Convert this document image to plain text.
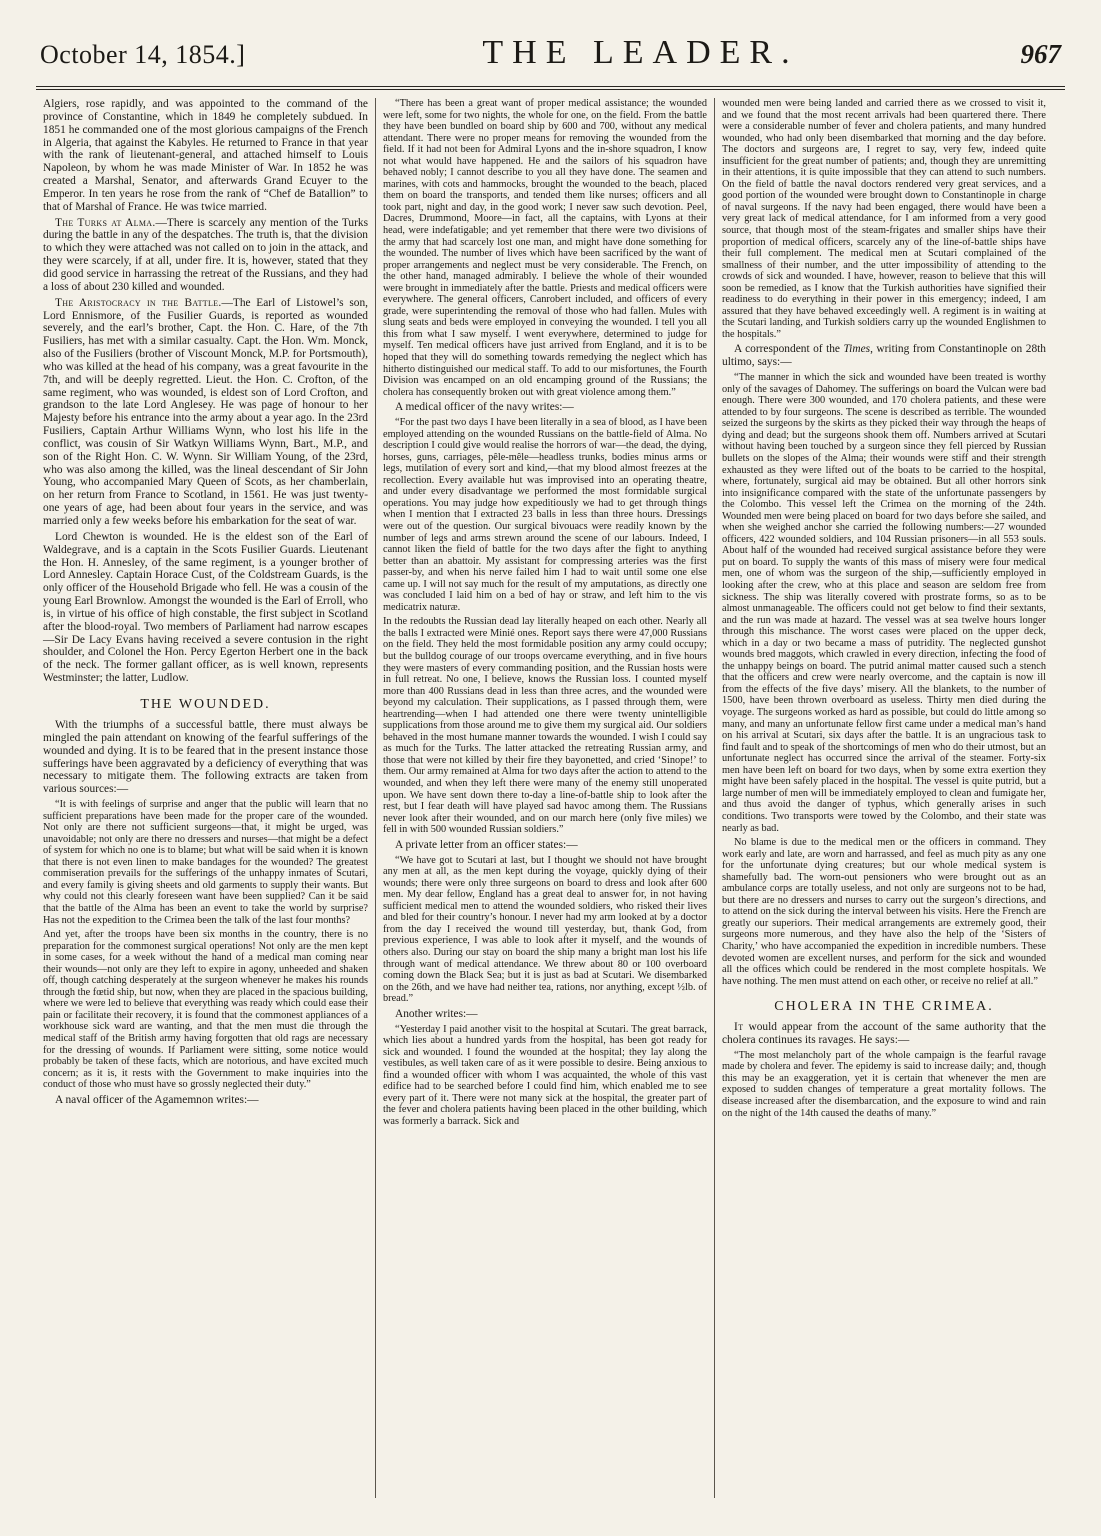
October 14, 1854.]	THE LEADER.	967

Algiers, rose rapidly, and was appointed to the command of the province of Constantine, which in 1849 he completely subdued. In 1851 he commanded one of the most glorious campaigns of the French in Algeria, that against the Kabyles. He returned to France in that year with the rank of lieutenant-general, and attached himself to Louis Napoleon, by whom he was made Minister of War. In 1852 he was created a Marshal, Senator, and afterwards Grand Ecuyer to the Emperor. In ten years he rose from the rank of “Chef de Batallion” to that of Marshal of France. He was twice married.

The Turks at Alma.—There is scarcely any mention of the Turks during the battle in any of the despatches. The truth is, that the division to which they were attached was not called on to join in the attack, and they were scarcely, if at all, under fire. It is, however, stated that they did good service in harrassing the retreat of the Russians, and they had a loss of about 230 killed and wounded.

The Aristocracy in the Battle.—The Earl of Listowel’s son, Lord Ennismore, of the Fusilier Guards, is reported as wounded severely, and the earl’s brother, Capt. the Hon. C. Hare, of the 7th Fusiliers, has met with a similar casualty. Capt. the Hon. Wm. Monck, also of the Fusiliers (brother of Viscount Monck, M.P. for Portsmouth), who was killed at the head of his company, was a great favourite in the 7th, and will be deeply regretted. Lieut. the Hon. C. Crofton, of the same regiment, who was wounded, is eldest son of Lord Crofton, and grandson to the late Lord Anglesey. He was page of honour to her Majesty before his entrance into the army about a year ago. In the 23rd Fusiliers, Captain Arthur Williams Wynn, who lost his life in the conflict, was cousin of Sir Watkyn Williams Wynn, Bart., M.P., and son of the Right Hon. C. W. Wynn. Sir William Young, of the 23rd, who was also among the killed, was the lineal descendant of Sir John Young, who accompanied Mary Queen of Scots, as her chamberlain, on her return from France to Scotland, in 1561. He was just twenty-one years of age, had been about four years in the service, and was married only a few weeks before his embarkation for the seat of war.

Lord Chewton is wounded. He is the eldest son of the Earl of Waldegrave, and is a captain in the Scots Fusilier Guards. Lieutenant the Hon. H. Annesley, of the same regiment, is a younger brother of Lord Annesley. Captain Horace Cust, of the Coldstream Guards, is the only officer of the Household Brigade who fell. He was a cousin of the young Earl Brownlow. Amongst the wounded is the Earl of Erroll, who is, in virtue of his office of high constable, the first subject in Scotland after the blood-royal. Two members of Parliament had narrow escapes—Sir De Lacy Evans having received a severe contusion in the right shoulder, and Colonel the Hon. Percy Egerton Herbert one in the back of the neck. The former gallant officer, as is well known, represents Westminster; the latter, Ludlow.

THE WOUNDED.

With the triumphs of a successful battle, there must always be mingled the pain attendant on knowing of the fearful sufferings of the wounded and dying. It is to be feared that in the present instance those sufferings have been aggravated by a deficiency of everything that was necessary to mitigate them. The following extracts are taken from various sources:—

“It is with feelings of surprise and anger that the public will learn that no sufficient preparations have been made for the proper care of the wounded. Not only are there not sufficient surgeons—that, it might be urged, was unavoidable; not only are there no dressers and nurses—that might be a defect of system for which no one is to blame; but what will be said when it is known that there is not even linen to make bandages for the wounded? The greatest commiseration prevails for the sufferings of the unhappy inmates of Scutari, and every family is giving sheets and old garments to supply their wants. But why could not this clearly foreseen want have been supplied? Can it be said that the battle of the Alma has been an event to take the world by surprise? Has not the expedition to the Crimea been the talk of the last four months?

And yet, after the troops have been six months in the country, there is no preparation for the commonest surgical operations! Not only are the men kept in some cases, for a week without the hand of a medical man coming near their wounds—not only are they left to expire in agony, unheeded and shaken off, though catching desperately at the surgeon whenever he makes his rounds through the fœtid ship, but now, when they are placed in the spacious building, where we were led to believe that everything was ready which could ease their pain or facilitate their recovery, it is found that the commonest appliances of a workhouse sick ward are wanting, and that the men must die through the medical staff of the British army having forgotten that old rags are necessary for the dressing of wounds. If Parliament were sitting, some notice would probably be taken of these facts, which are notorious, and have excited much concern; as it is, it rests with the Government to make inquiries into the conduct of those who must have so grossly neglected their duty.”

A naval officer of the Agamemnon writes:—

“There has been a great want of proper medical assistance; the wounded were left, some for two nights, the whole for one, on the field. From the battle they have been bundled on board ship by 600 and 700, without any medical attendant. There were no proper means for removing the wounded from the field. If it had not been for Admiral Lyons and the in-shore squadron, I know not what would have happened. He and the sailors of his squadron have behaved nobly; I cannot describe to you all they have done. The seamen and marines, with cots and hammocks, brought the wounded to the beach, placed them on board the transports, and tended them like nurses; officers and all took part, night and day, in the good work; I never saw such devotion. Peel, Dacres, Drummond, Moore—in fact, all the captains, with Lyons at their head, were indefatigable; and yet remember that there were two divisions of the army that had scarcely lost one man, and might have done something for the wounded. The number of lives which have been sacrificed by the want of proper arrangements and neglect must be very considerable. The French, on the other hand, managed admirably. I believe the whole of their wounded were brought in immediately after the battle. Priests and medical officers were everywhere. The general officers, Canrobert included, and officers of every grade, were superintending the removal of those who had fallen. Mules with slung seats and beds were employed in conveying the wounded. I tell you all this from what I saw myself. I went everywhere, determined to judge for myself. Ten medical officers have just arrived from England, and it is to be hoped that they will do something towards remedying the neglect which has hitherto distinguished our medical staff. To add to our misfortunes, the Fourth Division was encamped on an old encamping ground of the Russians; the cholera has consequently broken out with great violence among them.”

A medical officer of the navy writes:—

“For the past two days I have been literally in a sea of blood, as I have been employed attending on the wounded Russians on the battle-field of Alma. No description I could give would realise the horrors of war—the dead, the dying, horses, guns, carriages, pêle-mêle—headless trunks, bodies minus arms or legs, mutilation of every sort and kind,—that my blood almost freezes at the recollection. Every available hut was improvised into an operating theatre, and under every disadvantage we performed the most formidable surgical operations. You may judge how expeditiously we had to get through things when I mention that I extracted 23 balls in less than three hours. Dressings were out of the question. Our surgical bivouacs were readily known by the number of legs and arms strewn around the scene of our labours. Indeed, I cannot liken the field of battle for the two days after the fight to anything better than an abattoir. My assistant for compressing arteries was the first passer-by, and when his nerve failed him I had to wait until some one else came up. I will not say much for the result of my amputations, as directly one was concluded I laid him on a bed of hay or straw, and left him to the vis medicatrix naturæ.

In the redoubts the Russian dead lay literally heaped on each other. Nearly all the balls I extracted were Minié ones. Report says there were 47,000 Russians on the field. They held the most formidable position any army could occupy; but the bulldog courage of our troops overcame everything, and in five hours they were masters of every commanding position, and the Russian hosts were in full retreat. No one, I believe, knows the Russian loss. I counted myself more than 400 Russians dead in less than three acres, and the wounded were beyond my calculation. Their supplications, as I passed through them, were heartrending—when I had attended one there were twenty unintelligible supplications from those around me to give them my surgical aid. Our soldiers behaved in the most humane manner towards the wounded. I wish I could say as much for the Turks. The latter attacked the retreating Russian army, and those that were not killed by their fire they bayonetted, and cried ‘Sinope!’ to them. Our army remained at Alma for two days after the action to attend to the wounded, and when they left there were many of the enemy still unoperated upon. We have sent down there to-day a line-of-battle ship to look after the rest, but I fear death will have played sad havoc among them. The Russians never look after their wounded, and on our march here (only five miles) we fell in with 500 wounded Russian soldiers.”

A private letter from an officer states:—

“We have got to Scutari at last, but I thought we should not have brought any men at all, as the men kept during the voyage, quickly dying of their wounds; there were only three surgeons on board to dress and look after 600 men. My dear fellow, England has a great deal to answer for, in not having sufficient medical men to attend the wounded soldiers, who risked their lives and bled for their country’s honour. I never had my arm looked at by a doctor from the day I received the wound till yesterday, but, thank God, from previous experience, I was able to look after it myself, and the wounds of others also. During our stay on board the ship many a bright man lost his life through want of medical attendance. We threw about 80 or 100 overboard coming down the Black Sea; but it is just as bad at Scutari. We disembarked on the 26th, and we have had neither tea, rations, nor anything, except ½lb. of bread.”

Another writes:—

“Yesterday I paid another visit to the hospital at Scutari. The great barrack, which lies about a hundred yards from the hospital, has been got ready for sick and wounded. I found the wounded at the hospital; they lay along the vestibules, as well taken care of as it were possible to desire. Being anxious to find a wounded officer with whom I was acquainted, the whole of this vast edifice had to be searched before I could find him, which enabled me to see every part of it. There were not many sick at the hospital, the greater part of the fever and cholera patients having been placed in the other building, which was formerly a barrack. Sick and

wounded men were being landed and carried there as we crossed to visit it, and we found that the most recent arrivals had been quartered there. There were a considerable number of fever and cholera patients, and many hundred wounded, who had only been disembarked that morning and the day before. The doctors and surgeons are, I regret to say, very few, indeed quite insufficient for the great number of patients; and, though they are unremitting in their attentions, it is quite impossible that they can attend to such numbers. On the field of battle the naval doctors rendered very great services, and a good portion of the wounded were brought down to Constantinople in charge of naval surgeons. If the navy had been engaged, there would have been a very great lack of medical attendance, for I am informed from a very good source, that though most of the steam-frigates and smaller ships have their proportion of medical officers, scarcely any of the line-of-battle ships have their full complement. The medical men at Scutari complained of the smallness of their number, and the utter impossibility of attending to the crowds of sick and wounded. I have, however, reason to believe that this will soon be remedied, as I know that the Turkish authorities have signified their readiness to do everything in their power in this emergency; indeed, I am assured that they have behaved exceedingly well. A regiment is in waiting at the Scutari landing, and Turkish soldiers carry up the wounded Englishmen to the hospitals.”

A correspondent of the Times, writing from Constantinople on 28th ultimo, says:—

“The manner in which the sick and wounded have been treated is worthy only of the savages of Dahomey. The sufferings on board the Vulcan were bad enough. There were 300 wounded, and 170 cholera patients, and these were attended to by four surgeons. The scene is described as terrible. The wounded seized the surgeons by the skirts as they picked their way through the heaps of dying and dead; but the surgeons shook them off. Numbers arrived at Scutari without having been touched by a surgeon since they fell pierced by Russian bullets on the slopes of the Alma; their wounds were stiff and their strength exhausted as they were lifted out of the boats to be carried to the hospital, where, fortunately, surgical aid may be obtained. But all other horrors sink into insignificance compared with the state of the unfortunate passengers by the Colombo. This vessel left the Crimea on the morning of the 24th. Wounded men were being placed on board for two days before she sailed, and when she weighed anchor she carried the following numbers:—27 wounded officers, 422 wounded soldiers, and 104 Russian prisoners—in all 553 souls. About half of the wounded had received surgical assistance before they were put on board. To supply the wants of this mass of misery were four medical men, one of whom was the surgeon of the ship,—sufficiently employed in looking after the crew, who at this place and season are seldom free from sickness. The ship was literally covered with prostrate forms, so as to be almost unmanageable. The officers could not get below to find their sextants, and the run was made at hazard. The vessel was at sea twelve hours longer through this mischance. The worst cases were placed on the upper deck, which in a day or two became a mass of putridity. The neglected gunshot wounds bred maggots, which crawled in every direction, infecting the food of the unhappy beings on board. The putrid animal matter caused such a stench that the officers and crew were nearly overcome, and the captain is now ill from the effects of the five days’ misery. All the blankets, to the number of 1500, have been thrown overboard as useless. Thirty men died during the voyage. The surgeons worked as hard as possible, but could do little among so many, and many an unfortunate fellow first came under a medical man’s hand on his arrival at Scutari, six days after the battle. It is an ungracious task to find fault and to speak of the shortcomings of men who do their utmost, but an unfortunate neglect has occurred since the arrival of the steamer. Forty-six men have been left on board for two days, when by some extra exertion they might have been safely placed in the hospital. The vessel is quite putrid, but a large number of men will be immediately employed to clean and fumigate her, and thus avoid the danger of typhus, which generally arises in such conditions. Two transports were towed by the Colombo, and their state was nearly as bad.

No blame is due to the medical men or the officers in command. They work early and late, are worn and harrassed, and feel as much pity as any one for the unfortunate dying creatures; but our whole medical system is shamefully bad. The worn-out pensioners who were brought out as an ambulance corps are totally useless, and not only are surgeons not to be had, but there are no dressers and nurses to carry out the surgeon’s directions, and to attend on the sick during the interval between his visits. Here the French are greatly our superiors. Their medical arrangements are extremely good, their surgeons more numerous, and they have also the help of the ‘Sisters of Charity,’ who have accompanied the expedition in incredible numbers. These devoted women are excellent nurses, and perform for the sick and wounded all the offices which could be rendered in the most complete hospitals. We have nothing. The men must attend on each other, or receive no relief at all.”

CHOLERA IN THE CRIMEA.

It would appear from the account of the same authority that the cholera continues its ravages. He says:—

“The most melancholy part of the whole campaign is the fearful ravage made by cholera and fever. The epidemy is said to increase daily; and, though this may be an exaggeration, yet it is certain that whenever the men are exposed to sudden changes of temperature a great mortality follows. The disease increased after the disembarcation, and the exposure to wind and rain on the night of the 14th caused the deaths of many.”
